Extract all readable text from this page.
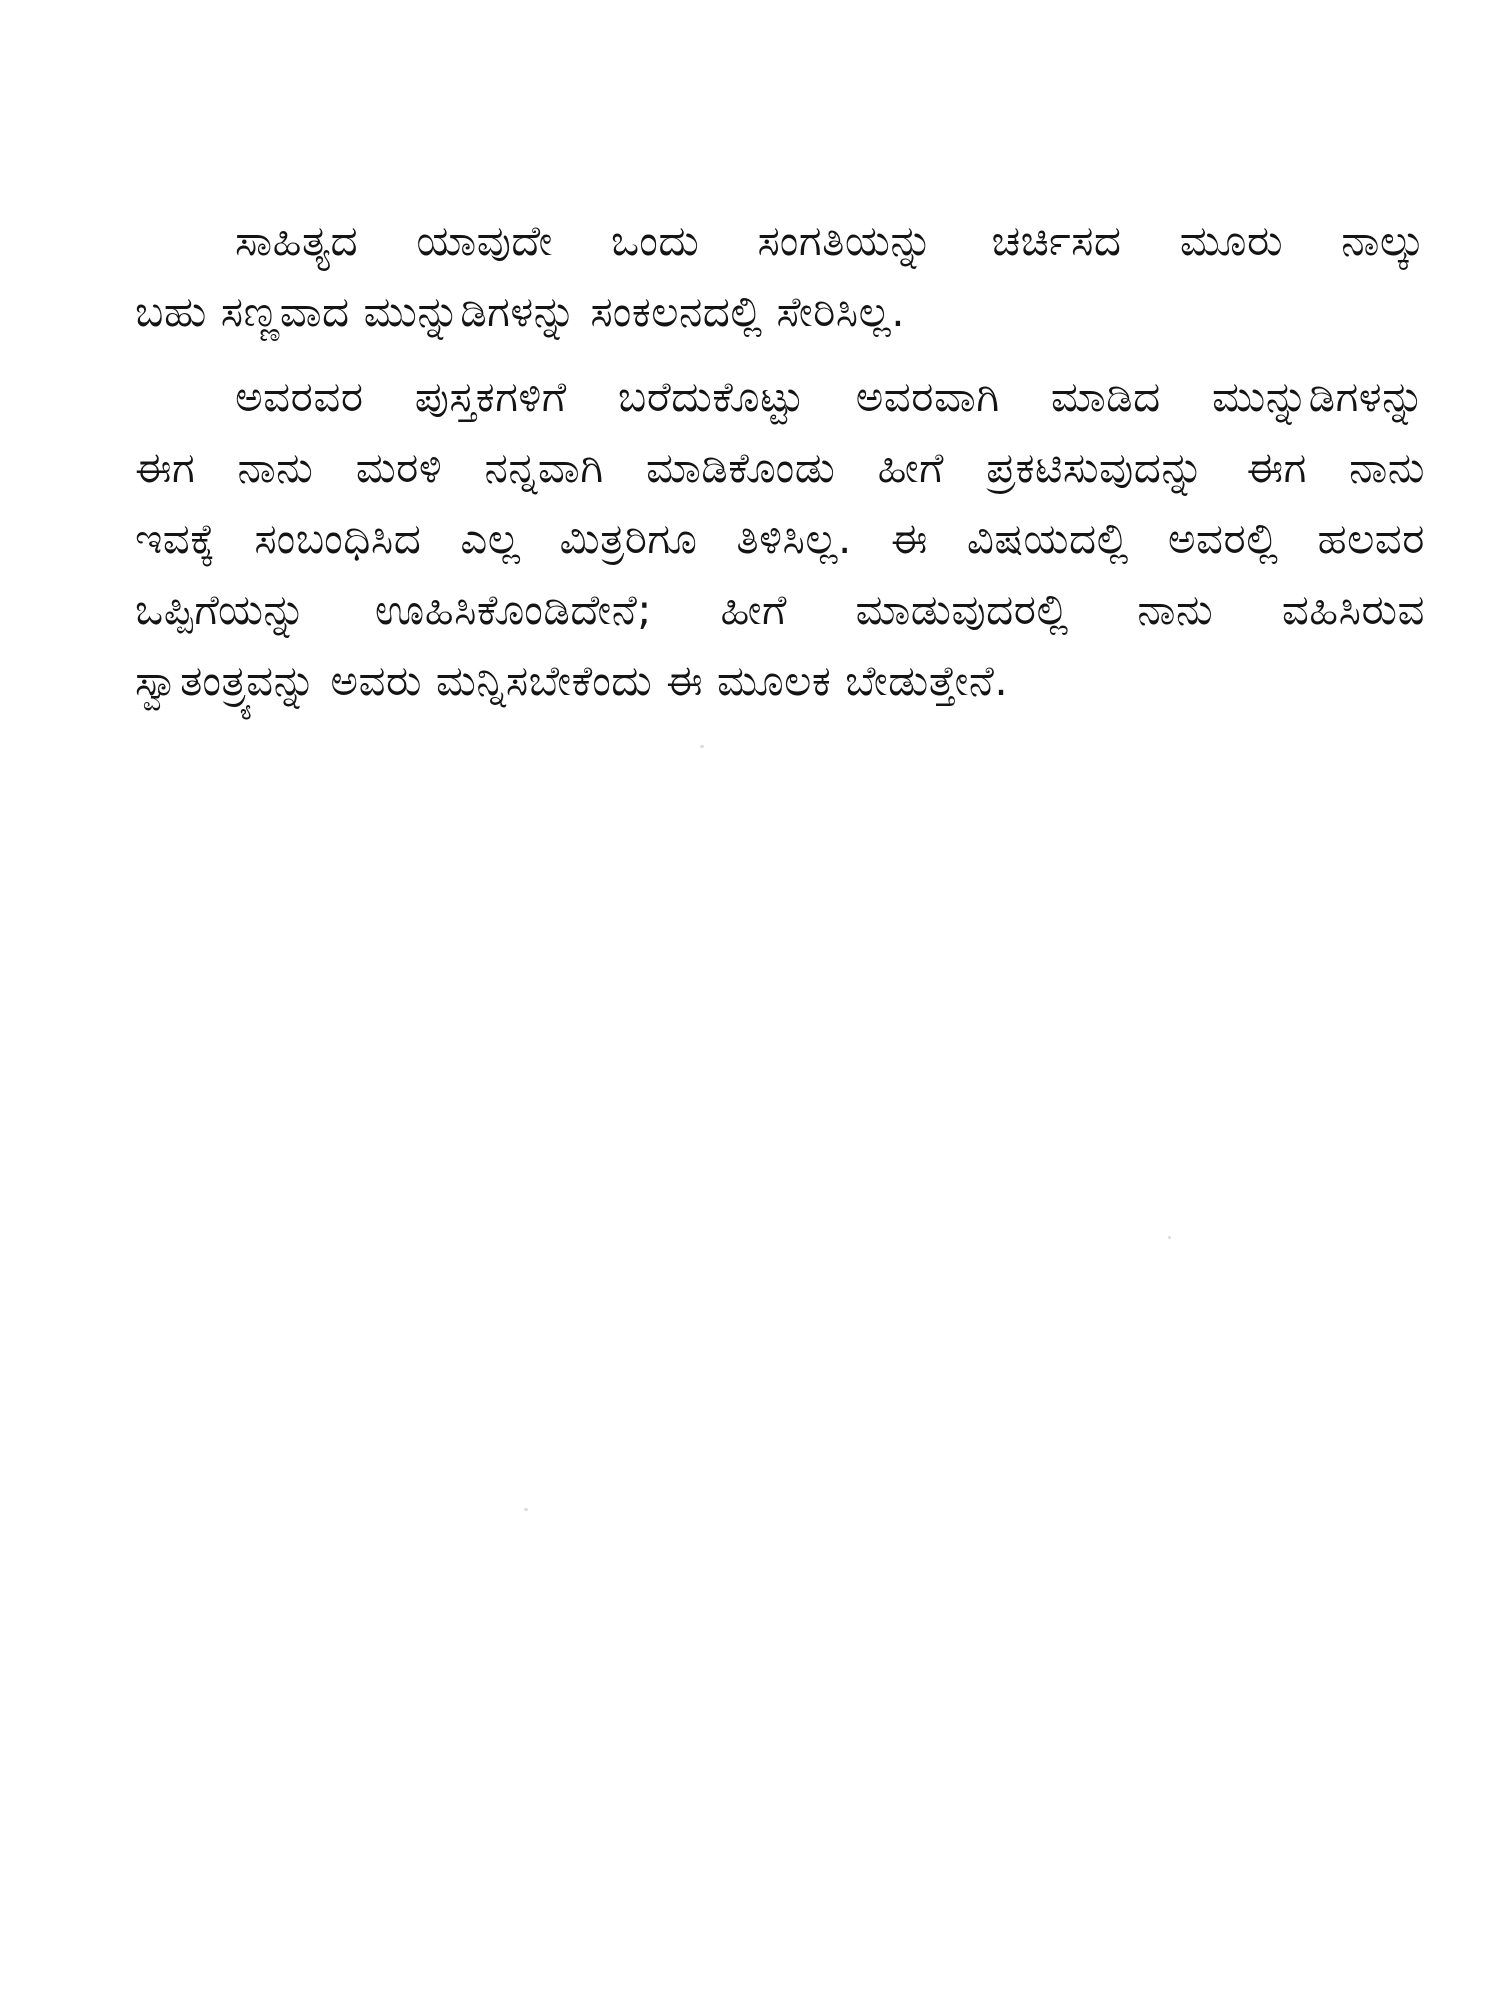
ಸಾಹಿತ್ಯದ ಯಾವುದೇ ಒಂದು ಸಂಗತಿಯನ್ನು ಚರ್ಚಿಸದ ಮೂರು ನಾಲ್ಕು
ಬಹು ಸಣ್ಣವಾದ ಮುನ್ನುಡಿಗಳನ್ನು ಸಂಕಲನದಲ್ಲಿ ಸೇರಿಸಿಲ್ಲ.
ಅವರವರ ಪುಸ್ತಕಗಳಿಗೆ ಬರೆದುಕೊಟ್ಟು ಅವರವಾಗಿ ಮಾಡಿದ ಮುನ್ನುಡಿಗಳನ್ನು
ಈಗ ನಾನು ಮರಳಿ ನನ್ನವಾಗಿ ಮಾಡಿಕೊಂಡು ಹೀಗೆ ಪ್ರಕಟಿಸುವುದನ್ನು ಈಗ ನಾನು
ಇವಕ್ಕೆ ಸಂಬಂಧಿಸಿದ ಎಲ್ಲ ಮಿತ್ರರಿಗೂ ತಿಳಿಸಿಲ್ಲ. ಈ ವಿಷಯದಲ್ಲಿ ಅವರಲ್ಲಿ ಹಲವರ
ಒಪ್ಪಿಗೆಯನ್ನು ಊಹಿಸಿಕೊಂಡಿದೇನೆ; ಹೀಗೆ ಮಾಡುವುದರಲ್ಲಿ ನಾನು ವಹಿಸಿರುವ
ಸ್ವಾತಂತ್ರ್ಯವನ್ನು ಅವರು ಮನ್ನಿಸಬೇಕೆಂದು ಈ ಮೂಲಕ ಬೇಡುತ್ತೇನೆ.
